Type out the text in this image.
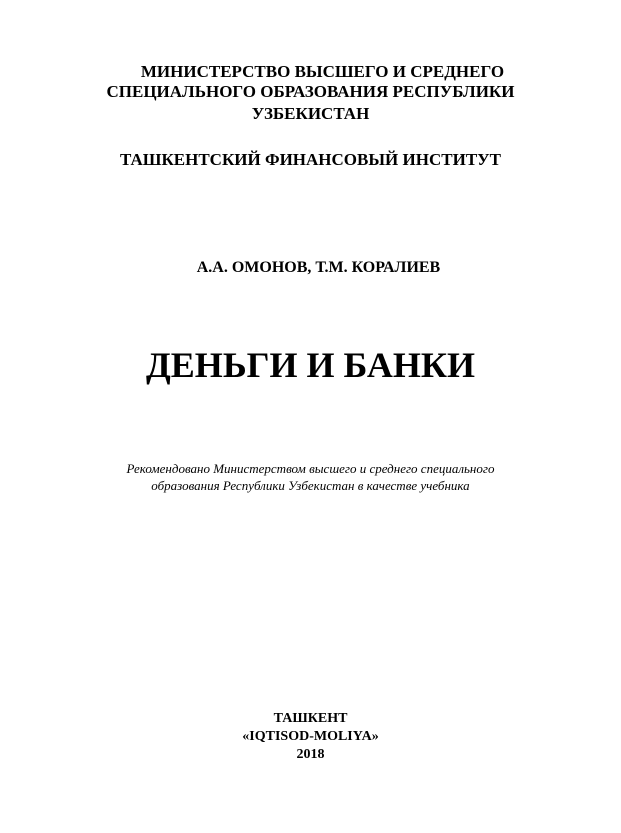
МИНИСТЕРСТВО ВЫСШЕГО И СРЕДНЕГО

СПЕЦИАЛЬНОГО ОБРАЗОВАНИЯ РЕСПУБЛИКИ

УЗБЕКИСТАН

ТАШКЕНТСКИЙ ФИНАНСОВЫЙ ИНСТИТУТ

А.А. ОМОНОВ, Т.М. КОРАЛИЕВ

ДЕНЬГИ И БАНКИ

Рекомендовано Министерством высшего и среднего специального

образования Республики Узбекистан в качестве учебника

ТАШКЕНТ

«IQTISOD-MOLIYA»

2018
